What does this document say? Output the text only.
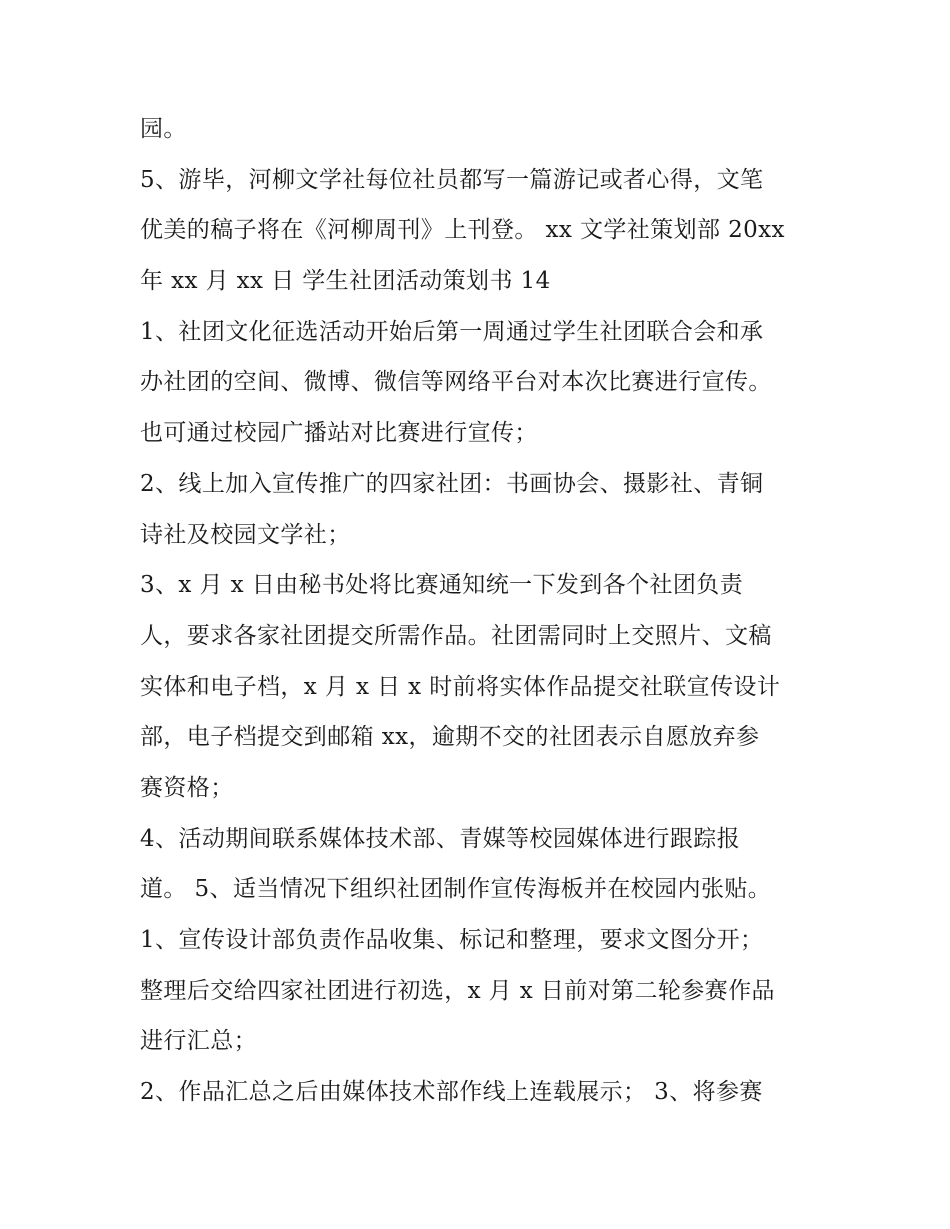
园。
5、游毕，河柳文学社每位社员都写一篇游记或者心得，文笔
优美的稿子将在《河柳周刊》上刊登。 xx 文学社策划部 20xx
年 xx 月 xx 日 学生社团活动策划书 14
1、社团文化征选活动开始后第一周通过学生社团联合会和承
办社团的空间、微博、微信等网络平台对本次比赛进行宣传。
也可通过校园广播站对比赛进行宣传；
2、线上加入宣传推广的四家社团：书画协会、摄影社、青铜
诗社及校园文学社；
3、x 月 x 日由秘书处将比赛通知统一下发到各个社团负责
人，要求各家社团提交所需作品。社团需同时上交照片、文稿
实体和电子档，x 月 x 日 x 时前将实体作品提交社联宣传设计
部，电子档提交到邮箱 xx，逾期不交的社团表示自愿放弃参
赛资格；
4、活动期间联系媒体技术部、青媒等校园媒体进行跟踪报
道。 5、适当情况下组织社团制作宣传海板并在校园内张贴。
1、宣传设计部负责作品收集、标记和整理，要求文图分开；
整理后交给四家社团进行初选，x 月 x 日前对第二轮参赛作品
进行汇总；
2、作品汇总之后由媒体技术部作线上连载展示； 3、将参赛
